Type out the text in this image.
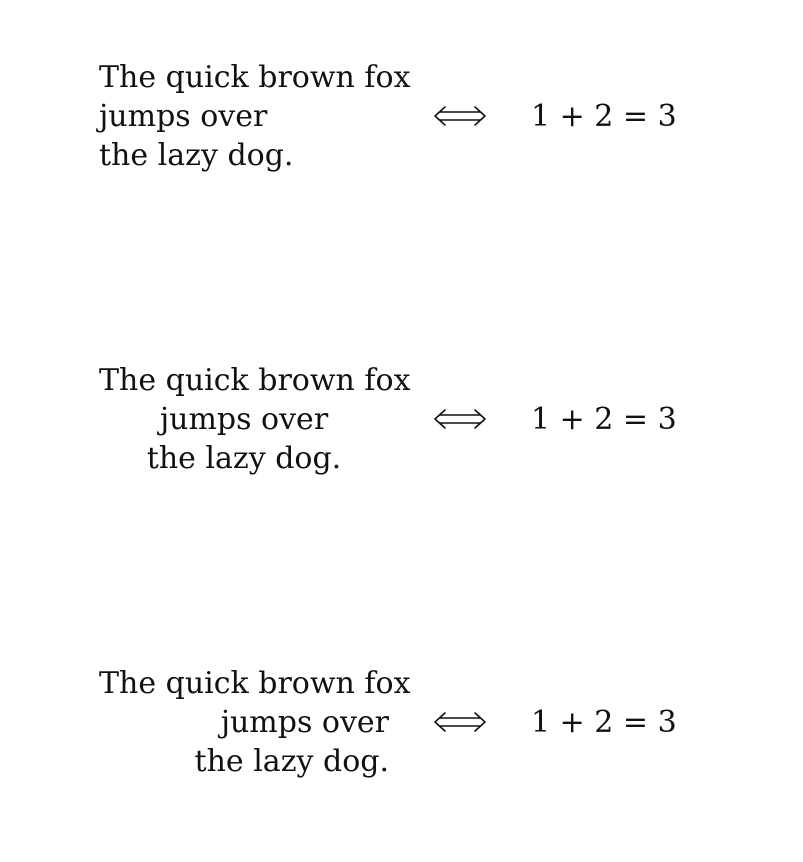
The quick brown fox
jumps over
the lazy dog.
1 + 2 = 3
The quick brown fox
jumps over
the lazy dog.
1 + 2 = 3
The quick brown fox
jumps over
the lazy dog.
1 + 2 = 3
